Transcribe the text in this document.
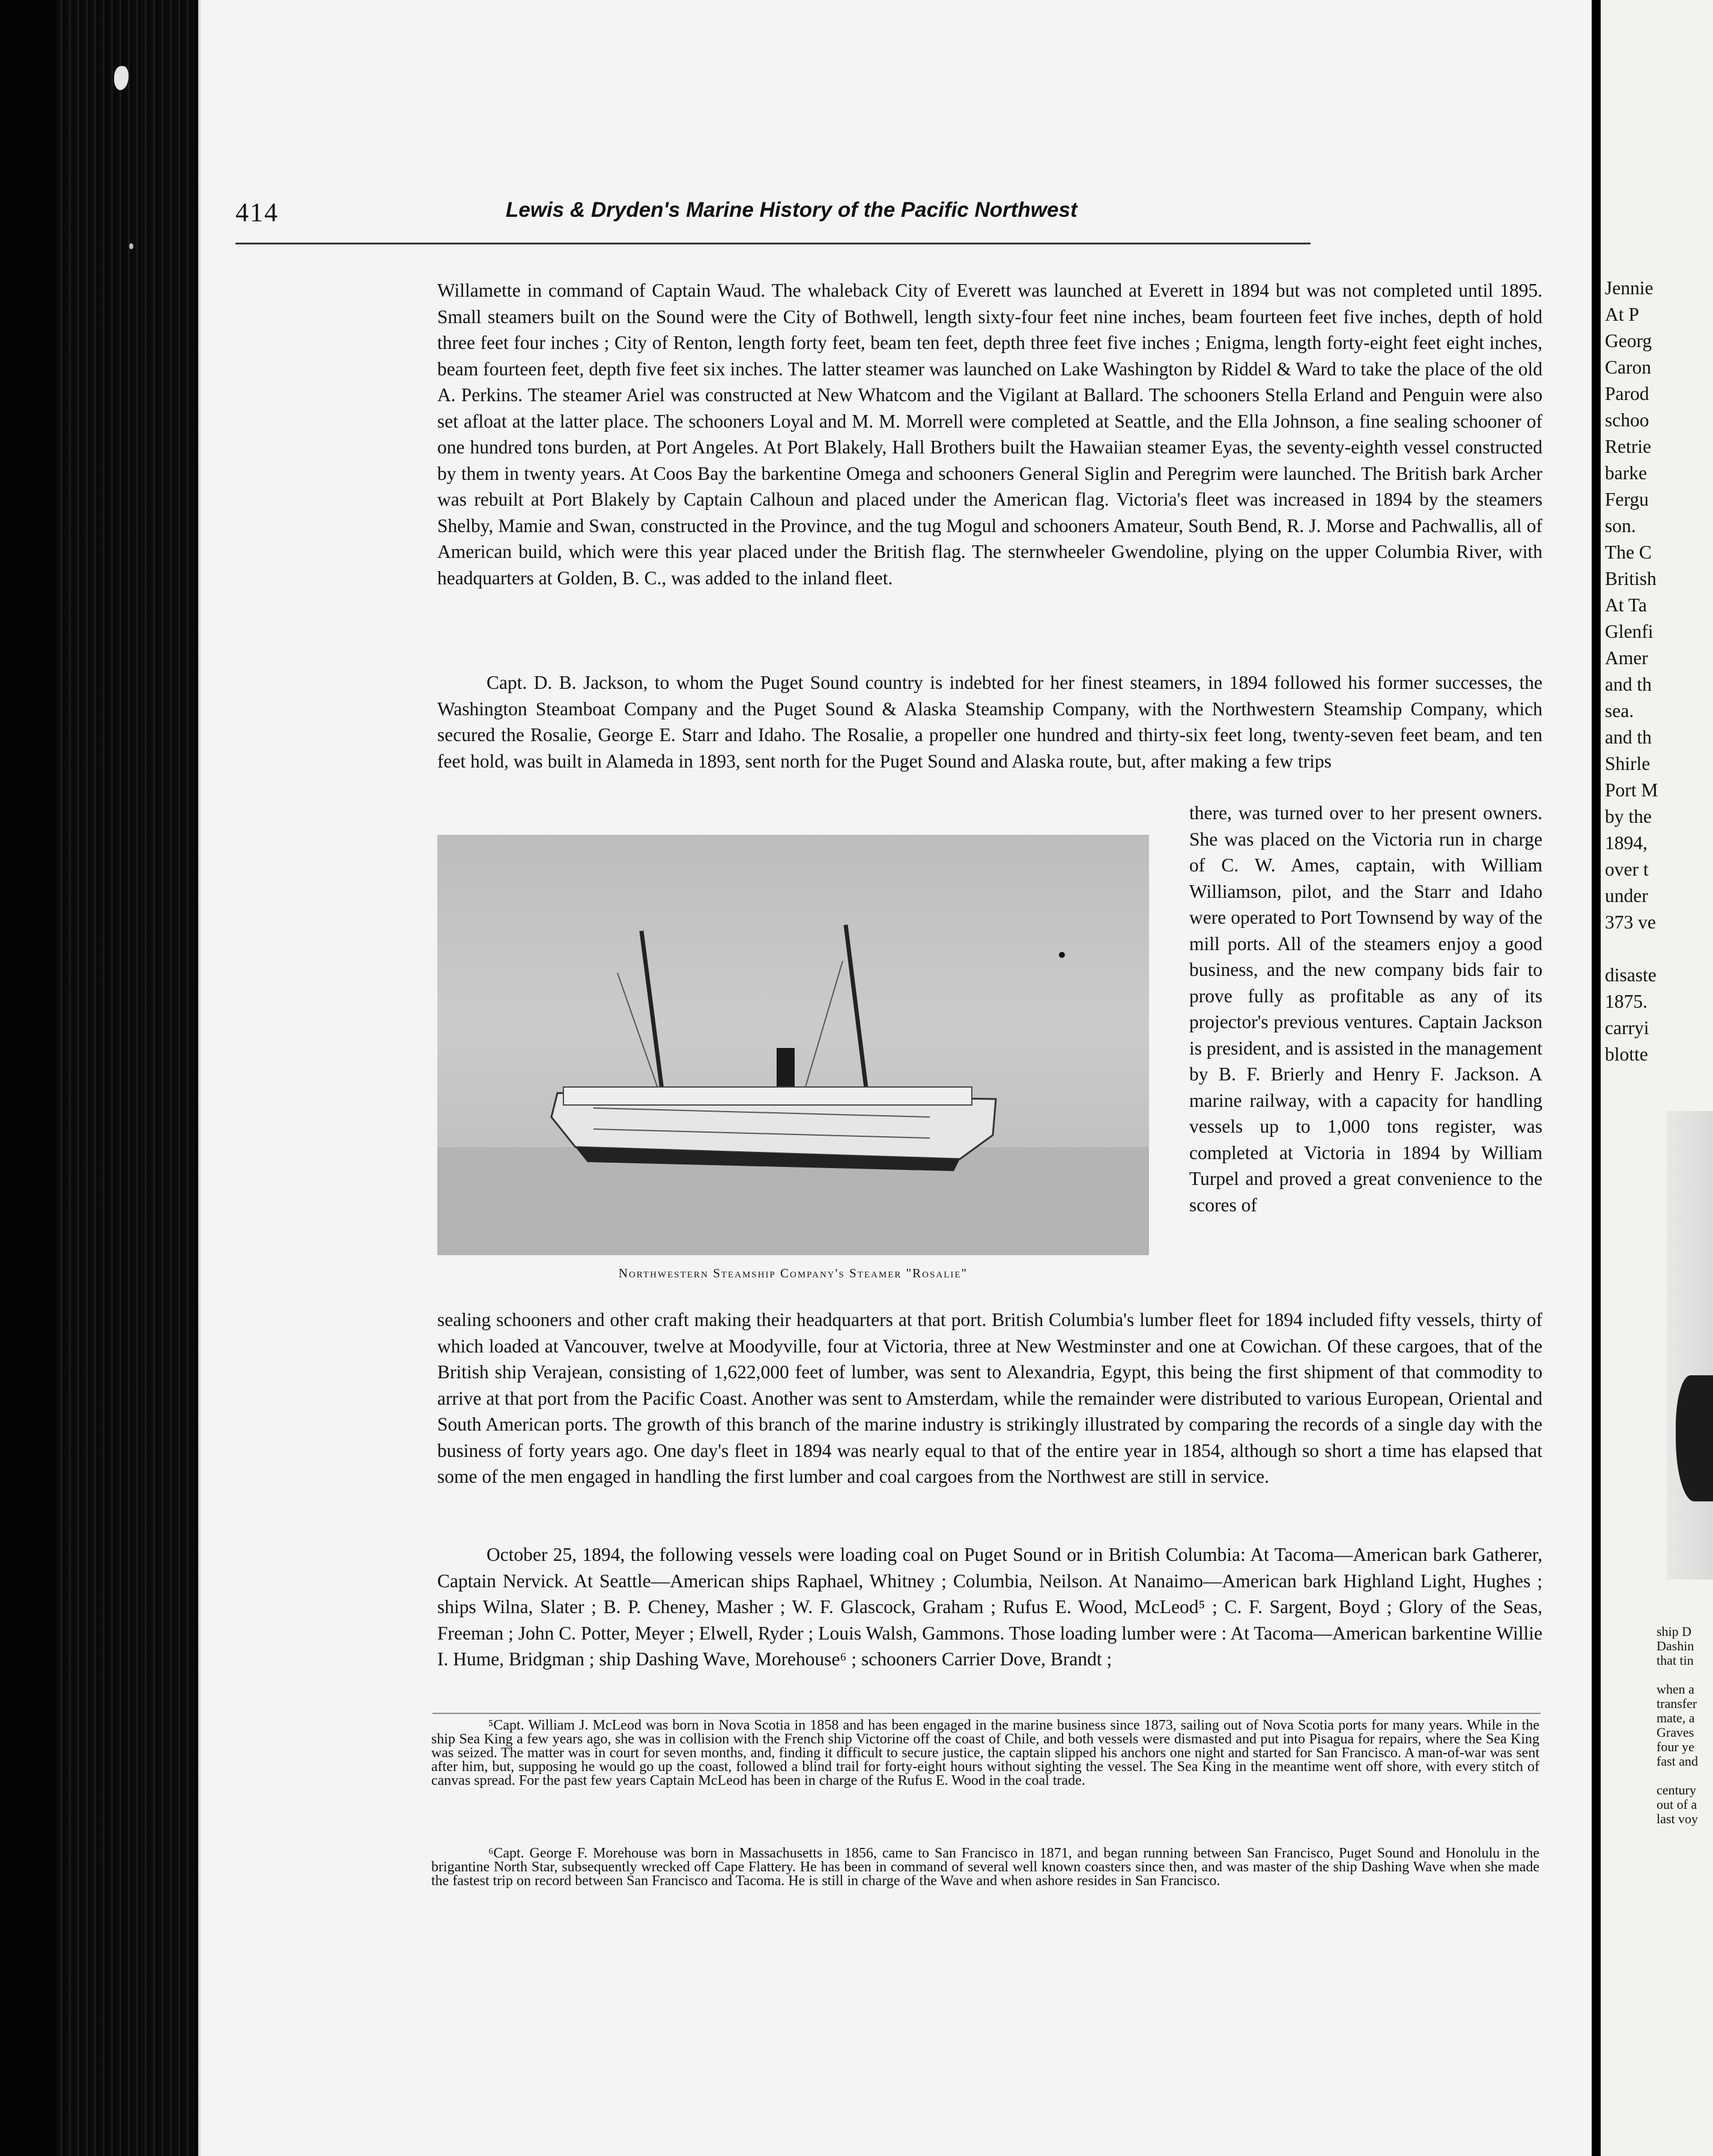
414	Lewis & Dryden's Marine History of the Pacific Northwest

Willamette in command of Captain Waud. The whaleback City of Everett was launched at Everett in 1894 but was not completed until 1895. Small steamers built on the Sound were the City of Bothwell, length sixty-four feet nine inches, beam fourteen feet five inches, depth of hold three feet four inches ; City of Renton, length forty feet, beam ten feet, depth three feet five inches ; Enigma, length forty-eight feet eight inches, beam fourteen feet, depth five feet six inches. The latter steamer was launched on Lake Washington by Riddel & Ward to take the place of the old A. Perkins. The steamer Ariel was constructed at New Whatcom and the Vigilant at Ballard. The schooners Stella Erland and Penguin were also set afloat at the latter place. The schooners Loyal and M. M. Morrell were completed at Seattle, and the Ella Johnson, a fine sealing schooner of one hundred tons burden, at Port Angeles. At Port Blakely, Hall Brothers built the Hawaiian steamer Eyas, the seventy-eighth vessel constructed by them in twenty years. At Coos Bay the barkentine Omega and schooners General Siglin and Peregrim were launched. The British bark Archer was rebuilt at Port Blakely by Captain Calhoun and placed under the American flag. Victoria's fleet was increased in 1894 by the steamers Shelby, Mamie and Swan, constructed in the Province, and the tug Mogul and schooners Amateur, South Bend, R. J. Morse and Pachwallis, all of American build, which were this year placed under the British flag. The sternwheeler Gwendoline, plying on the upper Columbia River, with headquarters at Golden, B. C., was added to the inland fleet.

Capt. D. B. Jackson, to whom the Puget Sound country is indebted for her finest steamers, in 1894 followed his former successes, the Washington Steamboat Company and the Puget Sound & Alaska Steamship Company, with the Northwestern Steamship Company, which secured the Rosalie, George E. Starr and Idaho. The Rosalie, a propeller one hundred and thirty-six feet long, twenty-seven feet beam, and ten feet hold, was built in Alameda in 1893, sent north for the Puget Sound and Alaska route, but, after making a few trips

Northwestern Steamship Company's Steamer "Rosalie"

there, was turned over to her present owners. She was placed on the Victoria run in charge of C. W. Ames, captain, with William Williamson, pilot, and the Starr and Idaho were operated to Port Townsend by way of the mill ports. All of the steamers enjoy a good business, and the new company bids fair to prove fully as profitable as any of its projector's previous ventures. Captain Jackson is president, and is assisted in the management by B. F. Brierly and Henry F. Jackson. A marine railway, with a capacity for handling vessels up to 1,000 tons register, was completed at Victoria in 1894 by William Turpel and proved a great convenience to the scores of

sealing schooners and other craft making their headquarters at that port. British Columbia's lumber fleet for 1894 included fifty vessels, thirty of which loaded at Vancouver, twelve at Moodyville, four at Victoria, three at New Westminster and one at Cowichan. Of these cargoes, that of the British ship Verajean, consisting of 1,622,000 feet of lumber, was sent to Alexandria, Egypt, this being the first shipment of that commodity to arrive at that port from the Pacific Coast. Another was sent to Amsterdam, while the remainder were distributed to various European, Oriental and South American ports. The growth of this branch of the marine industry is strikingly illustrated by comparing the records of a single day with the business of forty years ago. One day's fleet in 1894 was nearly equal to that of the entire year in 1854, although so short a time has elapsed that some of the men engaged in handling the first lumber and coal cargoes from the Northwest are still in service.

October 25, 1894, the following vessels were loading coal on Puget Sound or in British Columbia: At Tacoma—American bark Gatherer, Captain Nervick. At Seattle—American ships Raphael, Whitney ; Columbia, Neilson. At Nanaimo—American bark Highland Light, Hughes ; ships Wilna, Slater ; B. P. Cheney, Masher ; W. F. Glascock, Graham ; Rufus E. Wood, McLeod⁵ ; C. F. Sargent, Boyd ; Glory of the Seas, Freeman ; John C. Potter, Meyer ; Elwell, Ryder ; Louis Walsh, Gammons. Those loading lumber were : At Tacoma—American barkentine Willie I. Hume, Bridgman ; ship Dashing Wave, Morehouse⁶ ; schooners Carrier Dove, Brandt ;

⁵Capt. William J. McLeod was born in Nova Scotia in 1858 and has been engaged in the marine business since 1873, sailing out of Nova Scotia ports for many years. While in the ship Sea King a few years ago, she was in collision with the French ship Victorine off the coast of Chile, and both vessels were dismasted and put into Pisagua for repairs, where the Sea King was seized. The matter was in court for seven months, and, finding it difficult to secure justice, the captain slipped his anchors one night and started for San Francisco. A man-of-war was sent after him, but, supposing he would go up the coast, followed a blind trail for forty-eight hours without sighting the vessel. The Sea King in the meantime went off shore, with every stitch of canvas spread. For the past few years Captain McLeod has been in charge of the Rufus E. Wood in the coal trade.

⁶Capt. George F. Morehouse was born in Massachusetts in 1856, came to San Francisco in 1871, and began running between San Francisco, Puget Sound and Honolulu in the brigantine North Star, subsequently wrecked off Cape Flattery. He has been in command of several well known coasters since then, and was master of the ship Dashing Wave when she made the fastest trip on record between San Francisco and Tacoma. He is still in charge of the Wave and when ashore resides in San Francisco.

Jennie
At P
Georg
Caron
Parod
schoo
Retrie
barke
Fergu
son.
The C
British
At Ta
Glenfi
Amer
and th
sea.
and th
Shirle
Port M
by the
1894,
over t
under
373 ve
disaste
1875.
carryi
blotte
ship D
Dashin
that tin
when a
transfer
mate, a
Graves
four ye
fast and
century
out of a
last voy
